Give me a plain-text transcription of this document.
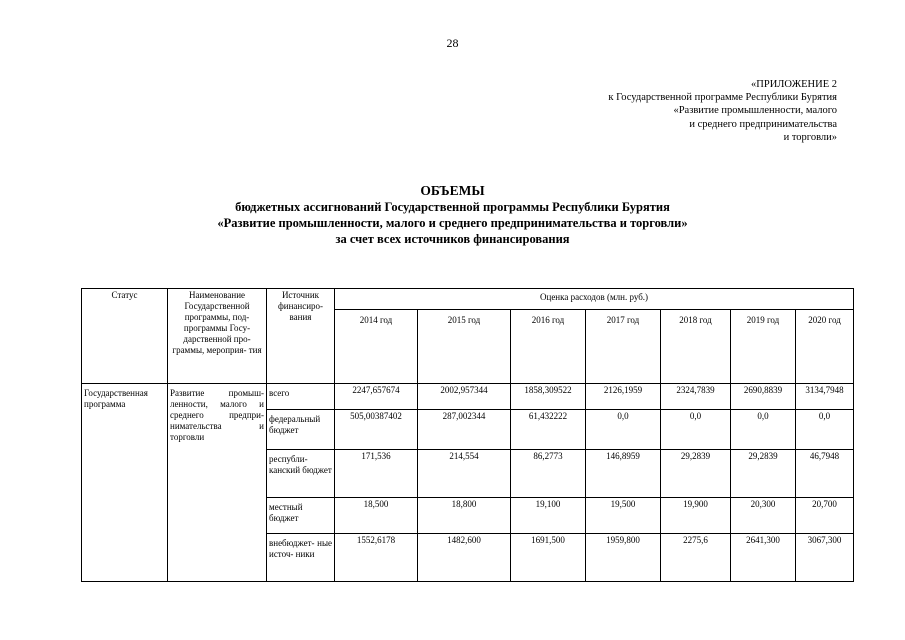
28
«ПРИЛОЖЕНИЕ 2
к Государственной программе Республики Бурятия
«Развитие промышленности, малого
и среднего предпринимательства
и торговли»
ОБЪЕМЫ
бюджетных ассигнований Государственной программы Республики Бурятия
«Развитие промышленности, малого и среднего предпринимательства и торговли»
за счет всех источников финансирования
Статус	Наименование Государственной программы, под- программы Госу- дарственной про- граммы, мероприя- тия	Источник финансиро- вания	Оценка расходов (млн. руб.)						
			2014 год	2015 год	2016 год	2017 год	2018 год	2019 год	2020 год
Государственная программа	Развитие промыш- ленности, малого и среднего предпри- нимательства и торговли	всего	2247,657674	2002,957344	1858,309522	2126,1959	2324,7839	2690,8839	3134,7948
		федеральный бюджет	505,00387402	287,002344	61,432222	0,0	0,0	0,0	0,0
		республи- канский бюджет	171,536	214,554	86,2773	146,8959	29,2839	29,2839	46,7948
		местный бюджет	18,500	18,800	19,100	19,500	19,900	20,300	20,700
		внебюджет- ные источ- ники	1552,6178	1482,600	1691,500	1959,800	2275,6	2641,300	3067,300
